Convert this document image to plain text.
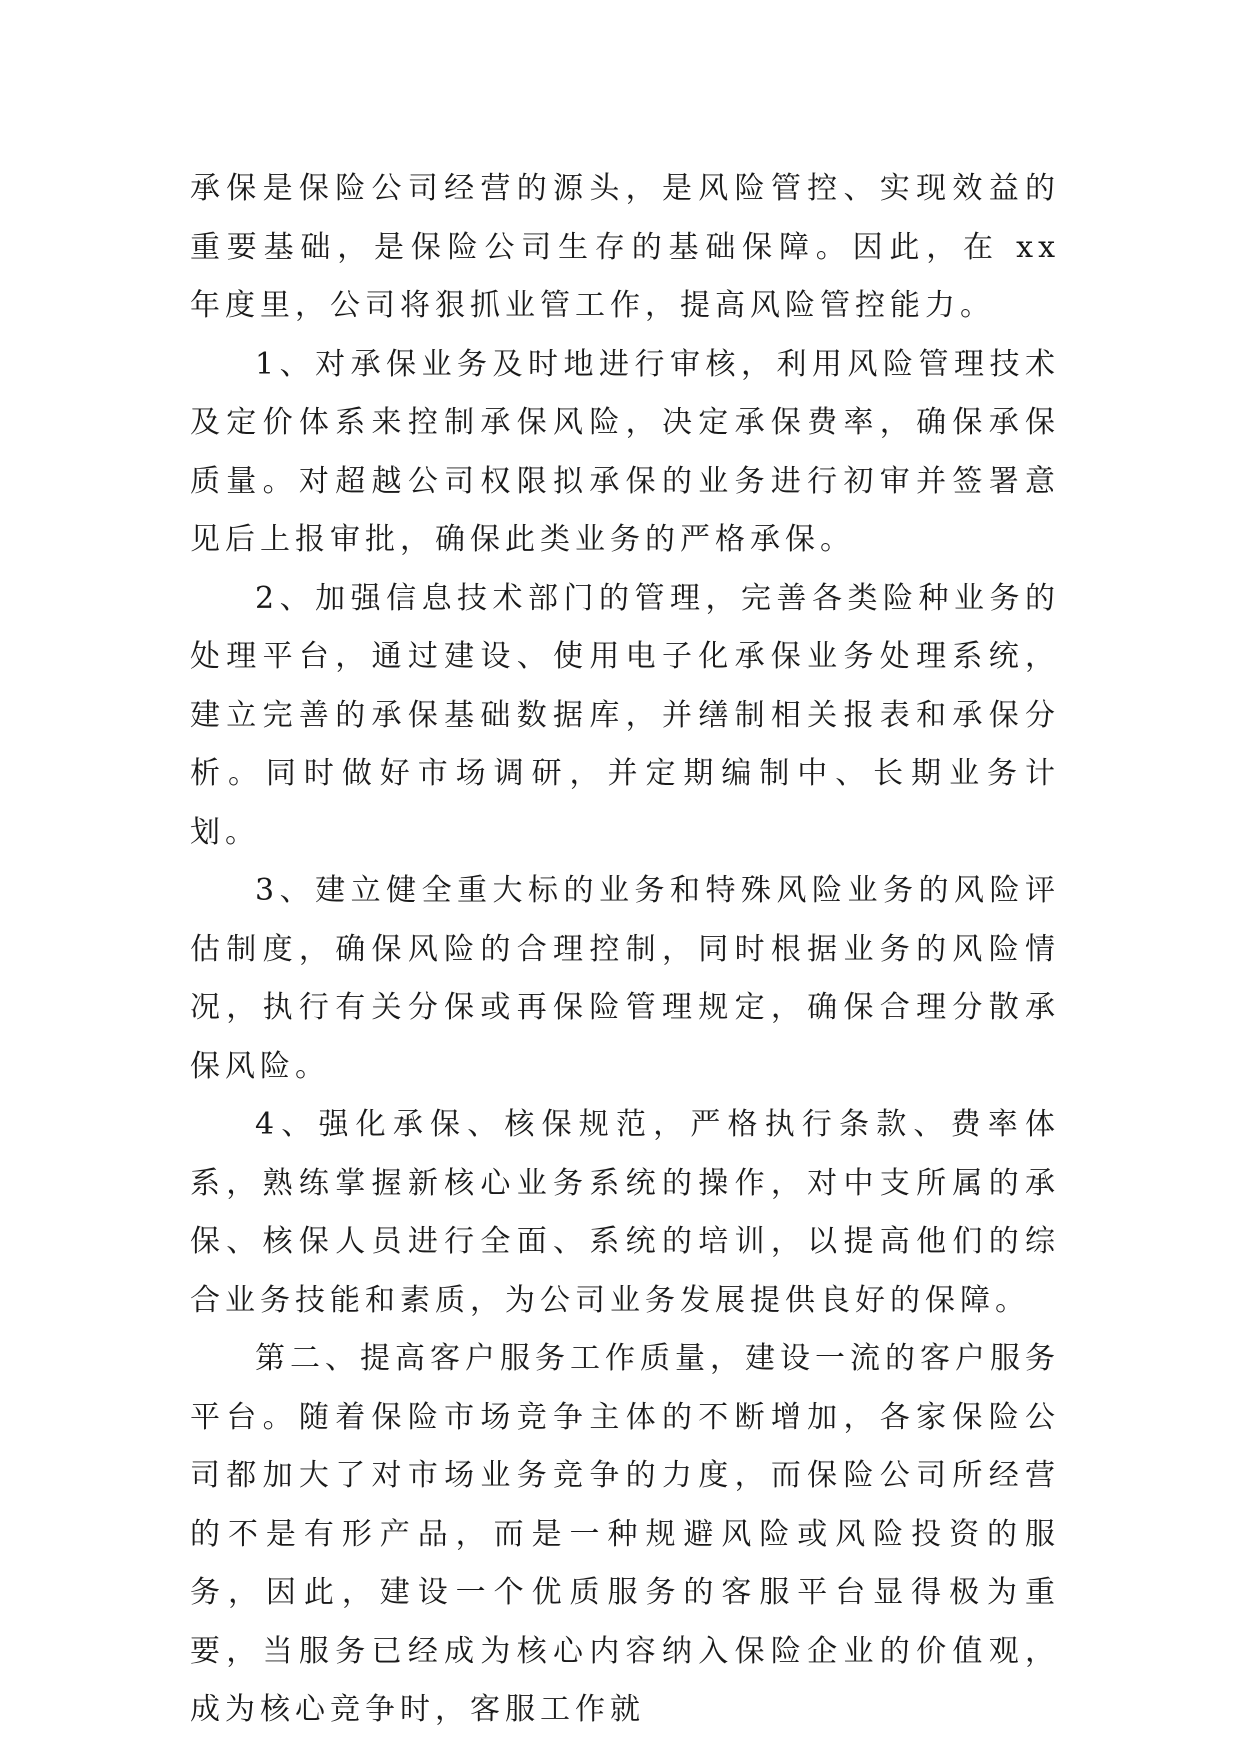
承保是保险公司经营的源头，是风险管控、实现效益的重要基础，是保险公司生存的基础保障。因此，在 xx 年度里，公司将狠抓业管工作，提高风险管控能力。

1、对承保业务及时地进行审核，利用风险管理技术及定价体系来控制承保风险，决定承保费率，确保承保质量。对超越公司权限拟承保的业务进行初审并签署意见后上报审批，确保此类业务的严格承保。

2、加强信息技术部门的管理，完善各类险种业务的处理平台，通过建设、使用电子化承保业务处理系统，建立完善的承保基础数据库，并缮制相关报表和承保分析。同时做好市场调研，并定期编制中、长期业务计划。

3、建立健全重大标的业务和特殊风险业务的风险评估制度，确保风险的合理控制，同时根据业务的风险情况，执行有关分保或再保险管理规定，确保合理分散承保风险。

4、强化承保、核保规范，严格执行条款、费率体系，熟练掌握新核心业务系统的操作，对中支所属的承保、核保人员进行全面、系统的培训，以提高他们的综合业务技能和素质，为公司业务发展提供良好的保障。

第二、提高客户服务工作质量，建设一流的客户服务平台。随着保险市场竞争主体的不断增加，各家保险公司都加大了对市场业务竞争的力度，而保险公司所经营的不是有形产品，而是一种规避风险或风险投资的服务，因此，建设一个优质服务的客服平台显得极为重要，当服务已经成为核心内容纳入保险企业的价值观，成为核心竞争时，客服工作就
